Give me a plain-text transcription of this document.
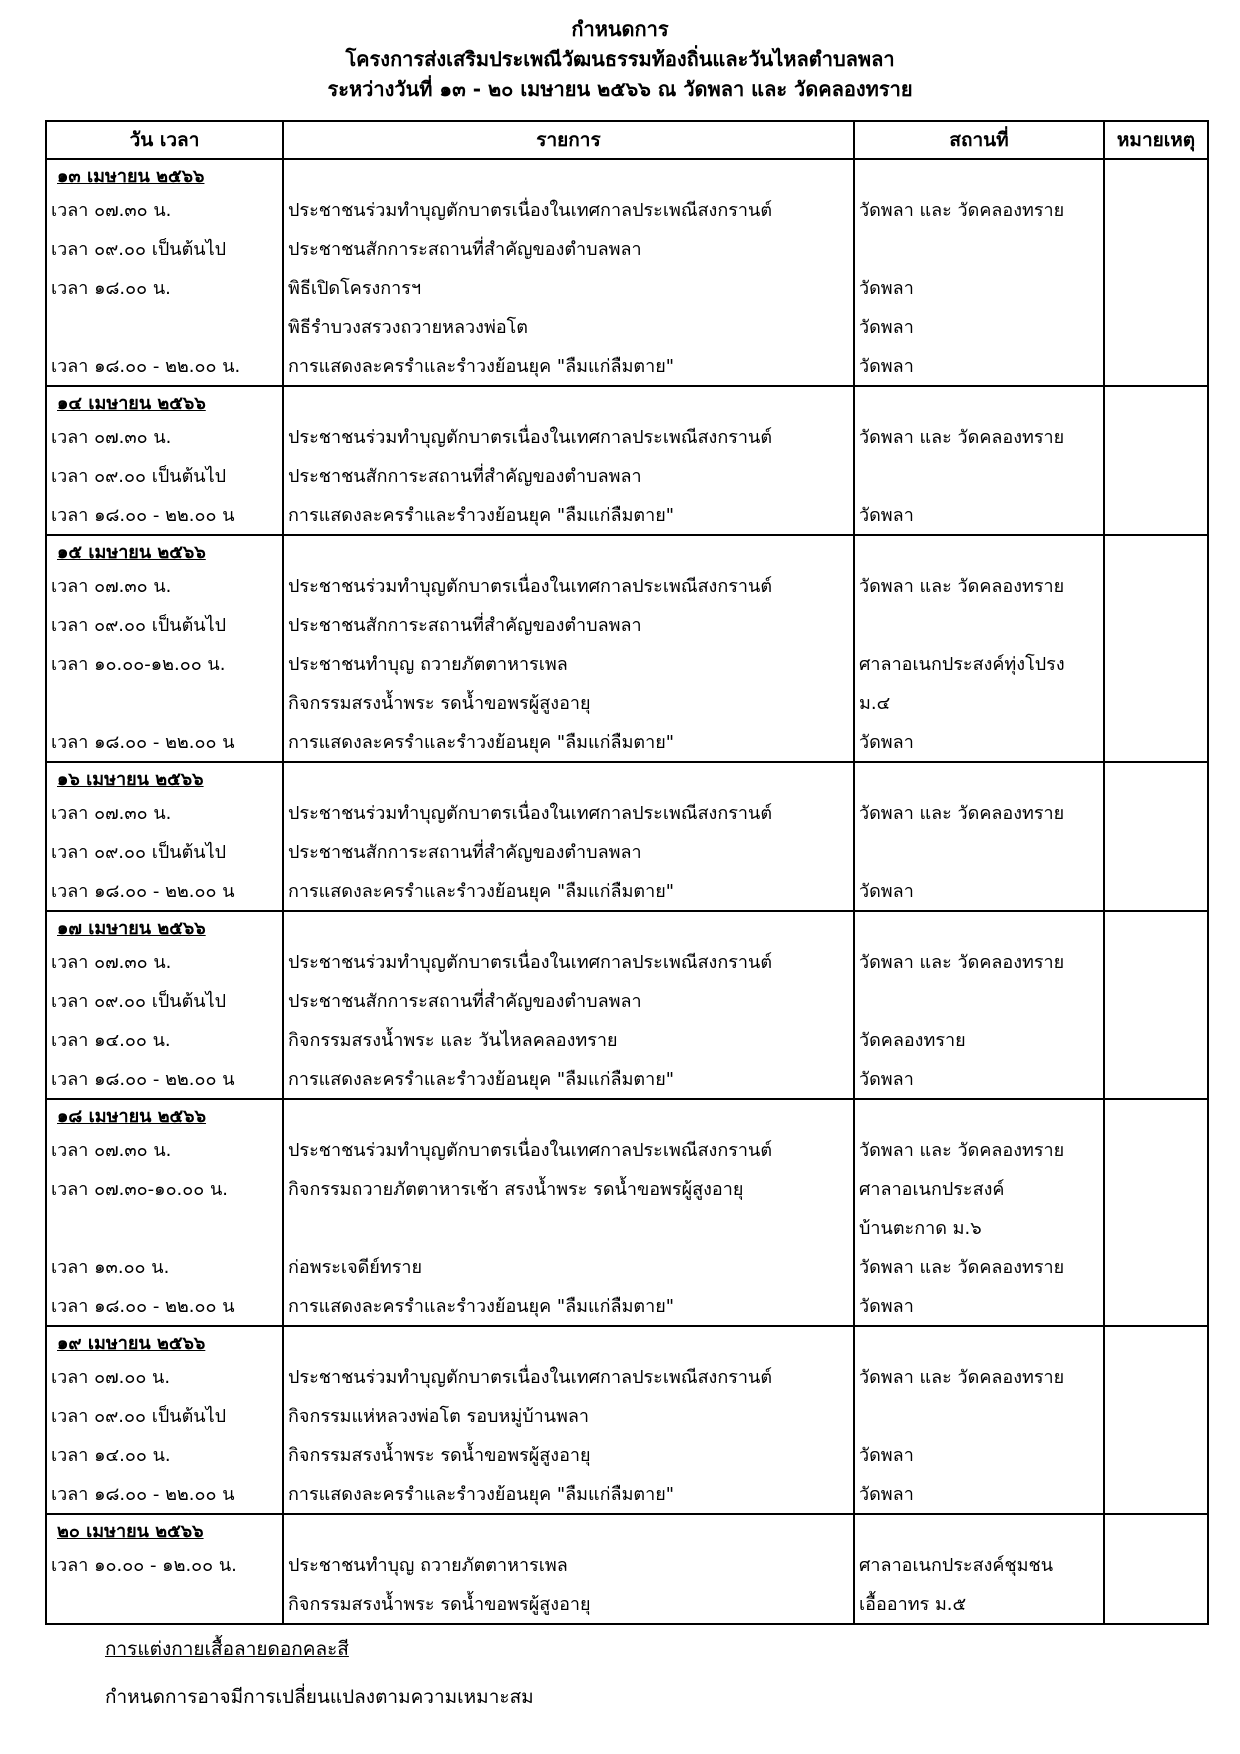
กำหนดการ
โครงการส่งเสริมประเพณีวัฒนธรรมท้องถิ่นและวันไหลตำบลพลา
ระหว่างวันที่ ๑๓ - ๒๐ เมษายน ๒๕๖๖ ณ วัดพลา และ วัดคลองทราย
วัน เวลา	รายการ	สถานที่	หมายเหตุ
๑๓ เมษายน ๒๕๖๖			
เวลา ๐๗.๓๐ น.	ประชาชนร่วมทำบุญตักบาตรเนื่องในเทศกาลประเพณีสงกรานต์	วัดพลา และ วัดคลองทราย	
เวลา ๐๙.๐๐ เป็นต้นไป	ประชาชนสักการะสถานที่สำคัญของตำบลพลา		
เวลา ๑๘.๐๐ น.	พิธีเปิดโครงการฯ	วัดพลา	
	พิธีรำบวงสรวงถวายหลวงพ่อโต	วัดพลา	
เวลา ๑๘.๐๐ - ๒๒.๐๐ น.	การแสดงละครรำและรำวงย้อนยุค "ลืมแก่ลืมตาย"	วัดพลา	
๑๔ เมษายน ๒๕๖๖			
เวลา ๐๗.๓๐ น.	ประชาชนร่วมทำบุญตักบาตรเนื่องในเทศกาลประเพณีสงกรานต์	วัดพลา และ วัดคลองทราย	
เวลา ๐๙.๐๐ เป็นต้นไป	ประชาชนสักการะสถานที่สำคัญของตำบลพลา		
เวลา ๑๘.๐๐ - ๒๒.๐๐ น	การแสดงละครรำและรำวงย้อนยุค "ลืมแก่ลืมตาย"	วัดพลา	
๑๕ เมษายน ๒๕๖๖			
เวลา ๐๗.๓๐ น.	ประชาชนร่วมทำบุญตักบาตรเนื่องในเทศกาลประเพณีสงกรานต์	วัดพลา และ วัดคลองทราย	
เวลา ๐๙.๐๐ เป็นต้นไป	ประชาชนสักการะสถานที่สำคัญของตำบลพลา		
เวลา ๑๐.๐๐-๑๒.๐๐ น.	ประชาชนทำบุญ ถวายภัตตาหารเพล	ศาลาอเนกประสงค์ทุ่งโปรง	
	กิจกรรมสรงน้ำพระ รดน้ำขอพรผู้สูงอายุ	ม.๔	
เวลา ๑๘.๐๐ - ๒๒.๐๐ น	การแสดงละครรำและรำวงย้อนยุค "ลืมแก่ลืมตาย"	วัดพลา	
๑๖ เมษายน ๒๕๖๖			
เวลา ๐๗.๓๐ น.	ประชาชนร่วมทำบุญตักบาตรเนื่องในเทศกาลประเพณีสงกรานต์	วัดพลา และ วัดคลองทราย	
เวลา ๐๙.๐๐ เป็นต้นไป	ประชาชนสักการะสถานที่สำคัญของตำบลพลา		
เวลา ๑๘.๐๐ - ๒๒.๐๐ น	การแสดงละครรำและรำวงย้อนยุค "ลืมแก่ลืมตาย"	วัดพลา	
๑๗ เมษายน ๒๕๖๖			
เวลา ๐๗.๓๐ น.	ประชาชนร่วมทำบุญตักบาตรเนื่องในเทศกาลประเพณีสงกรานต์	วัดพลา และ วัดคลองทราย	
เวลา ๐๙.๐๐ เป็นต้นไป	ประชาชนสักการะสถานที่สำคัญของตำบลพลา		
เวลา ๑๔.๐๐ น.	กิจกรรมสรงน้ำพระ และ วันไหลคลองทราย	วัดคลองทราย	
เวลา ๑๘.๐๐ - ๒๒.๐๐ น	การแสดงละครรำและรำวงย้อนยุค "ลืมแก่ลืมตาย"	วัดพลา	
๑๘ เมษายน ๒๕๖๖			
เวลา ๐๗.๓๐ น.	ประชาชนร่วมทำบุญตักบาตรเนื่องในเทศกาลประเพณีสงกรานต์	วัดพลา และ วัดคลองทราย	
เวลา ๐๗.๓๐-๑๐.๐๐ น.	กิจกรรมถวายภัตตาหารเช้า สรงน้ำพระ รดน้ำขอพรผู้สูงอายุ	ศาลาอเนกประสงค์	
		บ้านตะกาด ม.๖	
เวลา ๑๓.๐๐ น.	ก่อพระเจดีย์ทราย	วัดพลา และ วัดคลองทราย	
เวลา ๑๘.๐๐ - ๒๒.๐๐ น	การแสดงละครรำและรำวงย้อนยุค "ลืมแก่ลืมตาย"	วัดพลา	
๑๙ เมษายน ๒๕๖๖			
เวลา ๐๗.๐๐ น.	ประชาชนร่วมทำบุญตักบาตรเนื่องในเทศกาลประเพณีสงกรานต์	วัดพลา และ วัดคลองทราย	
เวลา ๐๙.๐๐ เป็นต้นไป	กิจกรรมแห่หลวงพ่อโต รอบหมู่บ้านพลา		
เวลา ๑๔.๐๐ น.	กิจกรรมสรงน้ำพระ รดน้ำขอพรผู้สูงอายุ	วัดพลา	
เวลา ๑๘.๐๐ - ๒๒.๐๐ น	การแสดงละครรำและรำวงย้อนยุค "ลืมแก่ลืมตาย"	วัดพลา	
๒๐ เมษายน ๒๕๖๖			
เวลา ๑๐.๐๐ - ๑๒.๐๐ น.	ประชาชนทำบุญ ถวายภัตตาหารเพล	ศาลาอเนกประสงค์ชุมชน	
	กิจกรรมสรงน้ำพระ รดน้ำขอพรผู้สูงอายุ	เอื้ออาทร ม.๕	
การแต่งกายเสื้อลายดอกคละสี
กำหนดการอาจมีการเปลี่ยนแปลงตามความเหมาะสม
